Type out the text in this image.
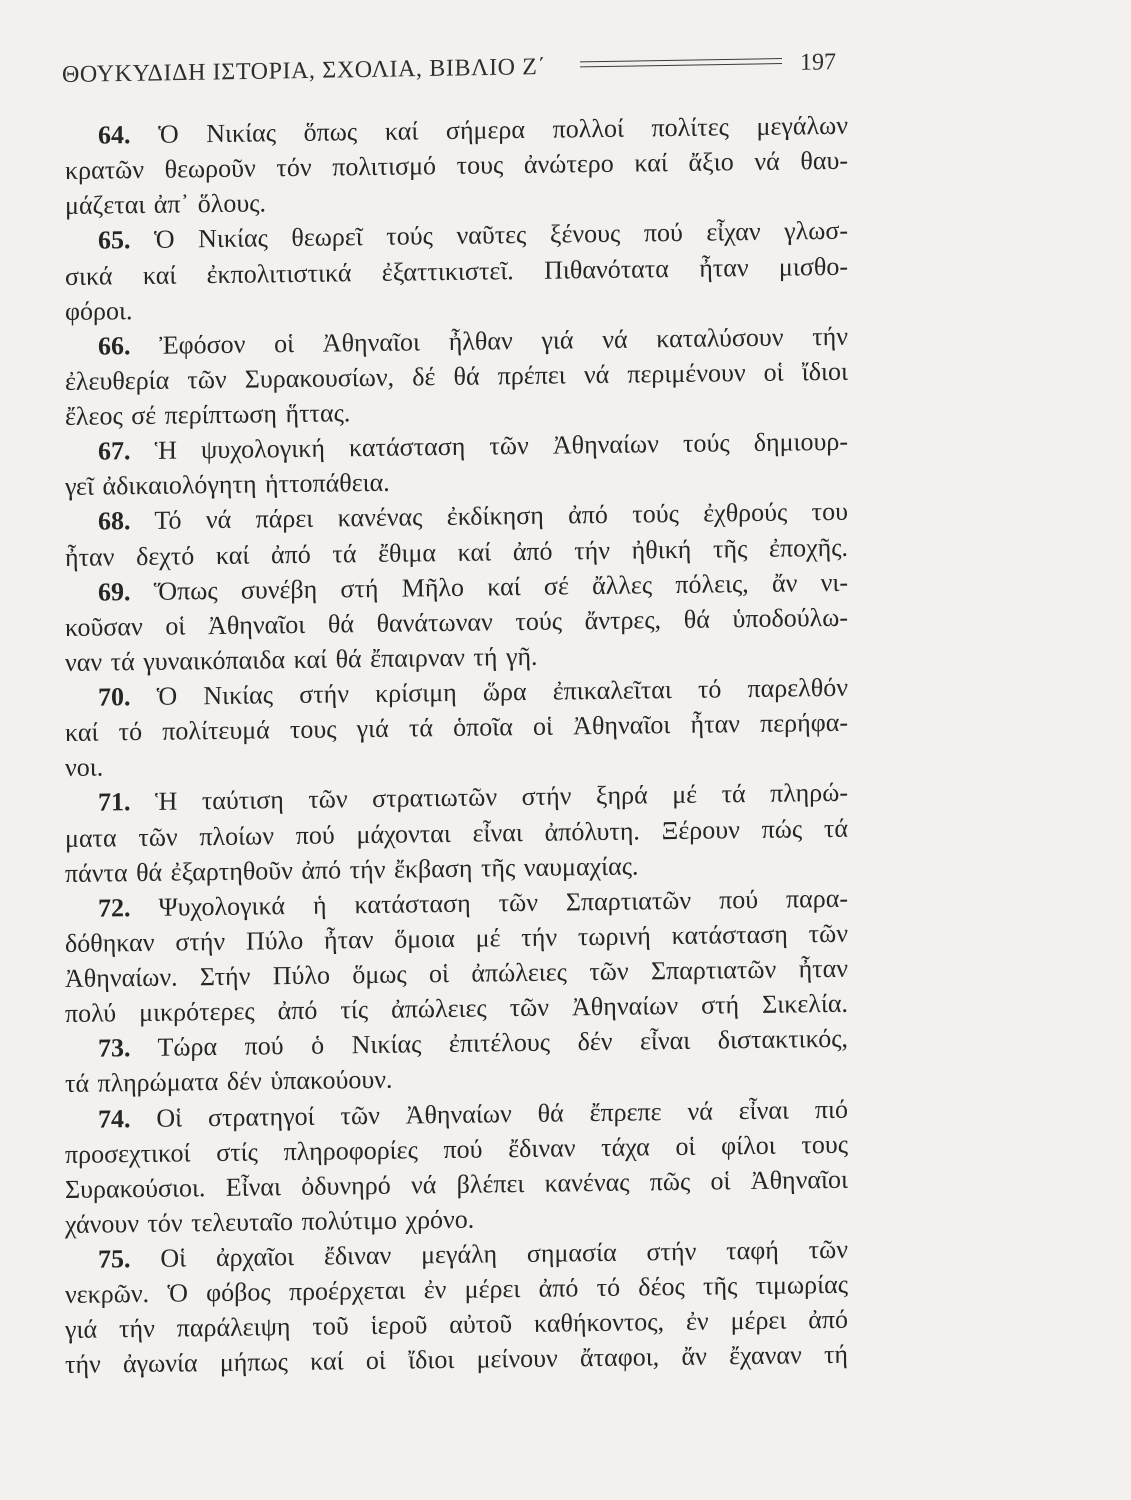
ΘΟΥΚΥΔΙΔΗ ΙΣΤΟΡΙΑ, ΣΧΟΛΙΑ, ΒΙΒΛΙΟ Ζ΄	197
64. Ὁ Νικίας ὅπως καί σήμερα πολλοί πολίτες μεγάλων
κρατῶν θεωροῦν τόν πολιτισμό τους ἀνώτερο καί ἄξιο νά θαυ-
μάζεται ἀπ᾿ ὅλους.
65. Ὁ Νικίας θεωρεῖ τούς ναῦτες ξένους πού εἶχαν γλωσ-
σικά καί ἐκπολιτιστικά ἐξαττικιστεῖ. Πιθανότατα ἦταν μισθο-
φόροι.
66. Ἐφόσον οἱ Ἀθηναῖοι ἦλθαν γιά νά καταλύσουν τήν
ἐλευθερία τῶν Συρακουσίων, δέ θά πρέπει νά περιμένουν οἱ ἴδιοι
ἔλεος σέ περίπτωση ἥττας.
67. Ἡ ψυχολογική κατάσταση τῶν Ἀθηναίων τούς δημιουρ-
γεῖ ἀδικαιολόγητη ἡττοπάθεια.
68. Τό νά πάρει κανένας ἐκδίκηση ἀπό τούς ἐχθρούς του
ἦταν δεχτό καί ἀπό τά ἔθιμα καί ἀπό τήν ἠθική τῆς ἐποχῆς.
69. Ὅπως συνέβη στή Μῆλο καί σέ ἄλλες πόλεις, ἄν νι-
κοῦσαν οἱ Ἀθηναῖοι θά θανάτωναν τούς ἄντρες, θά ὑποδούλω-
ναν τά γυναικόπαιδα καί θά ἔπαιρναν τή γῆ.
70. Ὁ Νικίας στήν κρίσιμη ὥρα ἐπικαλεῖται τό παρελθόν
καί τό πολίτευμά τους γιά τά ὁποῖα οἱ Ἀθηναῖοι ἦταν περήφα-
νοι.
71. Ἡ ταύτιση τῶν στρατιωτῶν στήν ξηρά μέ τά πληρώ-
ματα τῶν πλοίων πού μάχονται εἶναι ἀπόλυτη. Ξέρουν πώς τά
πάντα θά ἐξαρτηθοῦν ἀπό τήν ἔκβαση τῆς ναυμαχίας.
72. Ψυχολογικά ἡ κατάσταση τῶν Σπαρτιατῶν πού παρα-
δόθηκαν στήν Πύλο ἦταν ὅμοια μέ τήν τωρινή κατάσταση τῶν
Ἀθηναίων. Στήν Πύλο ὅμως οἱ ἀπώλειες τῶν Σπαρτιατῶν ἦταν
πολύ μικρότερες ἀπό τίς ἀπώλειες τῶν Ἀθηναίων στή Σικελία.
73. Τώρα πού ὁ Νικίας ἐπιτέλους δέν εἶναι διστακτικός,
τά πληρώματα δέν ὑπακούουν.
74. Οἱ στρατηγοί τῶν Ἀθηναίων θά ἔπρεπε νά εἶναι πιό
προσεχτικοί στίς πληροφορίες πού ἔδιναν τάχα οἱ φίλοι τους
Συρακούσιοι. Εἶναι ὀδυνηρό νά βλέπει κανένας πῶς οἱ Ἀθηναῖοι
χάνουν τόν τελευταῖο πολύτιμο χρόνο.
75. Οἱ ἀρχαῖοι ἔδιναν μεγάλη σημασία στήν ταφή τῶν
νεκρῶν. Ὁ φόβος προέρχεται ἐν μέρει ἀπό τό δέος τῆς τιμωρίας
γιά τήν παράλειψη τοῦ ἱεροῦ αὐτοῦ καθήκοντος, ἐν μέρει ἀπό
τήν ἀγωνία μήπως καί οἱ ἴδιοι μείνουν ἄταφοι, ἄν ἔχαναν τή
